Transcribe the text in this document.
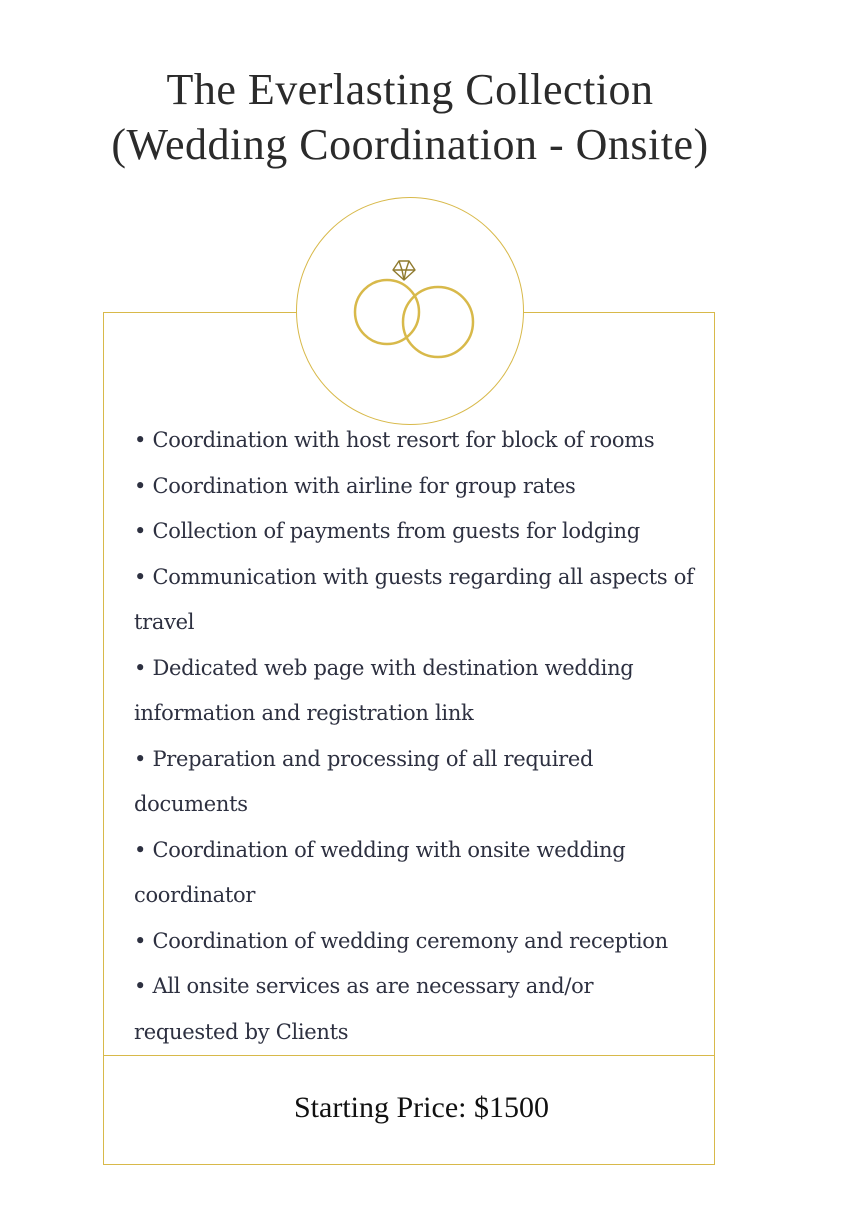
The Everlasting Collection
(Wedding Coordination - Onsite)
• Coordination with host resort for block of rooms
• Coordination with airline for group rates
• Collection of payments from guests for lodging
• Communication with guests regarding all aspects of travel
• Dedicated web page with destination wedding information and registration link
• Preparation and processing of all required documents
• Coordination of wedding with onsite wedding coordinator
• Coordination of wedding ceremony and reception
• All onsite services as are necessary and/or requested by Clients
Starting Price: $1500
